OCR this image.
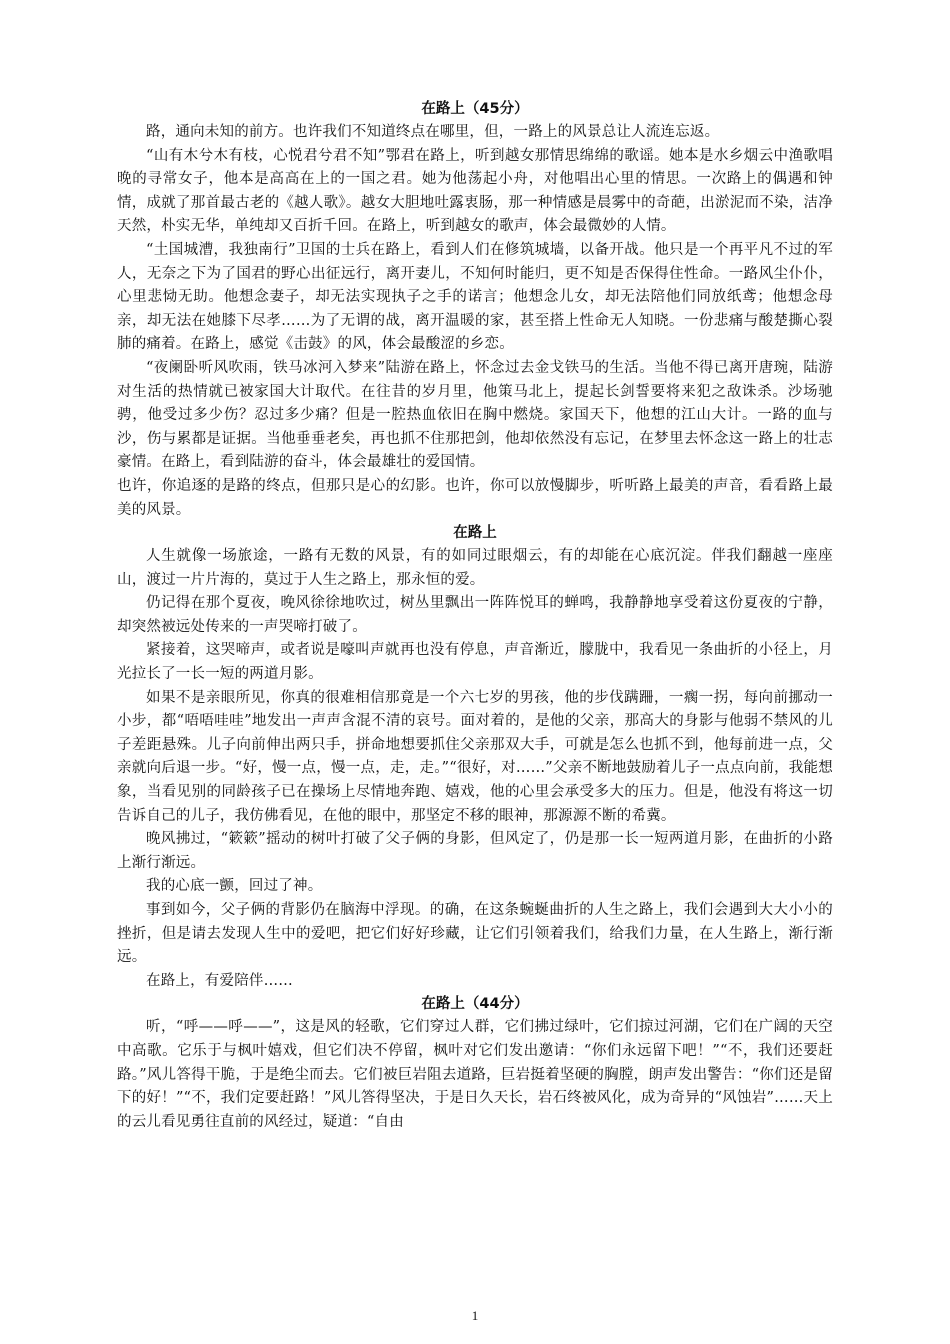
在路上（45分）

路，通向未知的前方。也许我们不知道终点在哪里，但，一路上的风景总让人流连忘返。

“山有木兮木有枝，心悦君兮君不知”鄂君在路上，听到越女那情思绵绵的歌谣。她本是水乡烟云中渔歌唱晚的寻常女子，他本是高高在上的一国之君。她为他荡起小舟，对他唱出心里的情思。一次路上的偶遇和钟情，成就了那首最古老的《越人歌》。越女大胆地吐露衷肠，那一种情感是晨雾中的奇葩，出淤泥而不染，洁净天然，朴实无华，单纯却又百折千回。在路上，听到越女的歌声，体会最微妙的人情。

“土国城漕，我独南行”卫国的士兵在路上，看到人们在修筑城墙，以备开战。他只是一个再平凡不过的军人，无奈之下为了国君的野心出征远行，离开妻儿，不知何时能归，更不知是否保得住性命。一路风尘仆仆，心里悲恸无助。他想念妻子，却无法实现执子之手的诺言；他想念儿女，却无法陪他们同放纸鸢；他想念母亲，却无法在她膝下尽孝……为了无谓的战，离开温暖的家，甚至搭上性命无人知晓。一份悲痛与酸楚撕心裂肺的痛着。在路上，感觉《击鼓》的风，体会最酸涩的乡恋。

“夜阑卧听风吹雨，铁马冰河入梦来”陆游在路上，怀念过去金戈铁马的生活。当他不得已离开唐琬，陆游对生活的热情就已被家国大计取代。在往昔的岁月里，他策马北上，提起长剑誓要将来犯之敌诛杀。沙场驰骋，他受过多少伤？忍过多少痛？但是一腔热血依旧在胸中燃烧。家国天下，他想的江山大计。一路的血与沙，伤与累都是证据。当他垂垂老矣，再也抓不住那把剑，他却依然没有忘记，在梦里去怀念这一路上的壮志豪情。在路上，看到陆游的奋斗，体会最雄壮的爱国情。

也许，你追逐的是路的终点，但那只是心的幻影。也许，你可以放慢脚步，听听路上最美的声音，看看路上最美的风景。

在路上

人生就像一场旅途，一路有无数的风景，有的如同过眼烟云，有的却能在心底沉淀。伴我们翻越一座座山，渡过一片片海的，莫过于人生之路上，那永恒的爱。

仍记得在那个夏夜，晚风徐徐地吹过，树丛里飘出一阵阵悦耳的蝉鸣，我静静地享受着这份夏夜的宁静，却突然被远处传来的一声哭啼打破了。

紧接着，这哭啼声，或者说是嚎叫声就再也没有停息，声音渐近，朦胧中，我看见一条曲折的小径上，月光拉长了一长一短的两道月影。

如果不是亲眼所见，你真的很难相信那竟是一个六七岁的男孩，他的步伐蹒跚，一瘸一拐，每向前挪动一小步，都“唔唔哇哇”地发出一声声含混不清的哀号。面对着的，是他的父亲，那高大的身影与他弱不禁风的儿子差距悬殊。儿子向前伸出两只手，拼命地想要抓住父亲那双大手，可就是怎么也抓不到，他每前进一点，父亲就向后退一步。“好，慢一点，慢一点，走，走。”“很好，对……”父亲不断地鼓励着儿子一点点向前，我能想象，当看见别的同龄孩子已在操场上尽情地奔跑、嬉戏，他的心里会承受多大的压力。但是，他没有将这一切告诉自己的儿子，我仿佛看见，在他的眼中，那坚定不移的眼神，那源源不断的希冀。

晚风拂过，“簌簌”摇动的树叶打破了父子俩的身影，但风定了，仍是那一长一短两道月影，在曲折的小路上渐行渐远。

我的心底一颤，回过了神。

事到如今，父子俩的背影仍在脑海中浮现。的确，在这条蜿蜒曲折的人生之路上，我们会遇到大大小小的挫折，但是请去发现人生中的爱吧，把它们好好珍藏，让它们引领着我们，给我们力量，在人生路上，渐行渐远。

在路上，有爱陪伴……

在路上（44分）

听，“呼——呼——”，这是风的轻歌，它们穿过人群，它们拂过绿叶，它们掠过河湖，它们在广阔的天空中高歌。它乐于与枫叶嬉戏，但它们决不停留，枫叶对它们发出邀请：“你们永远留下吧！”“不，我们还要赶路。”风儿答得干脆，于是绝尘而去。它们被巨岩阻去道路，巨岩挺着坚硬的胸膛，朗声发出警告：“你们还是留下的好！”“不，我们定要赶路！”风儿答得坚决，于是日久天长，岩石终被风化，成为奇异的“风蚀岩”……天上的云儿看见勇往直前的风经过，疑道：“自由

1
